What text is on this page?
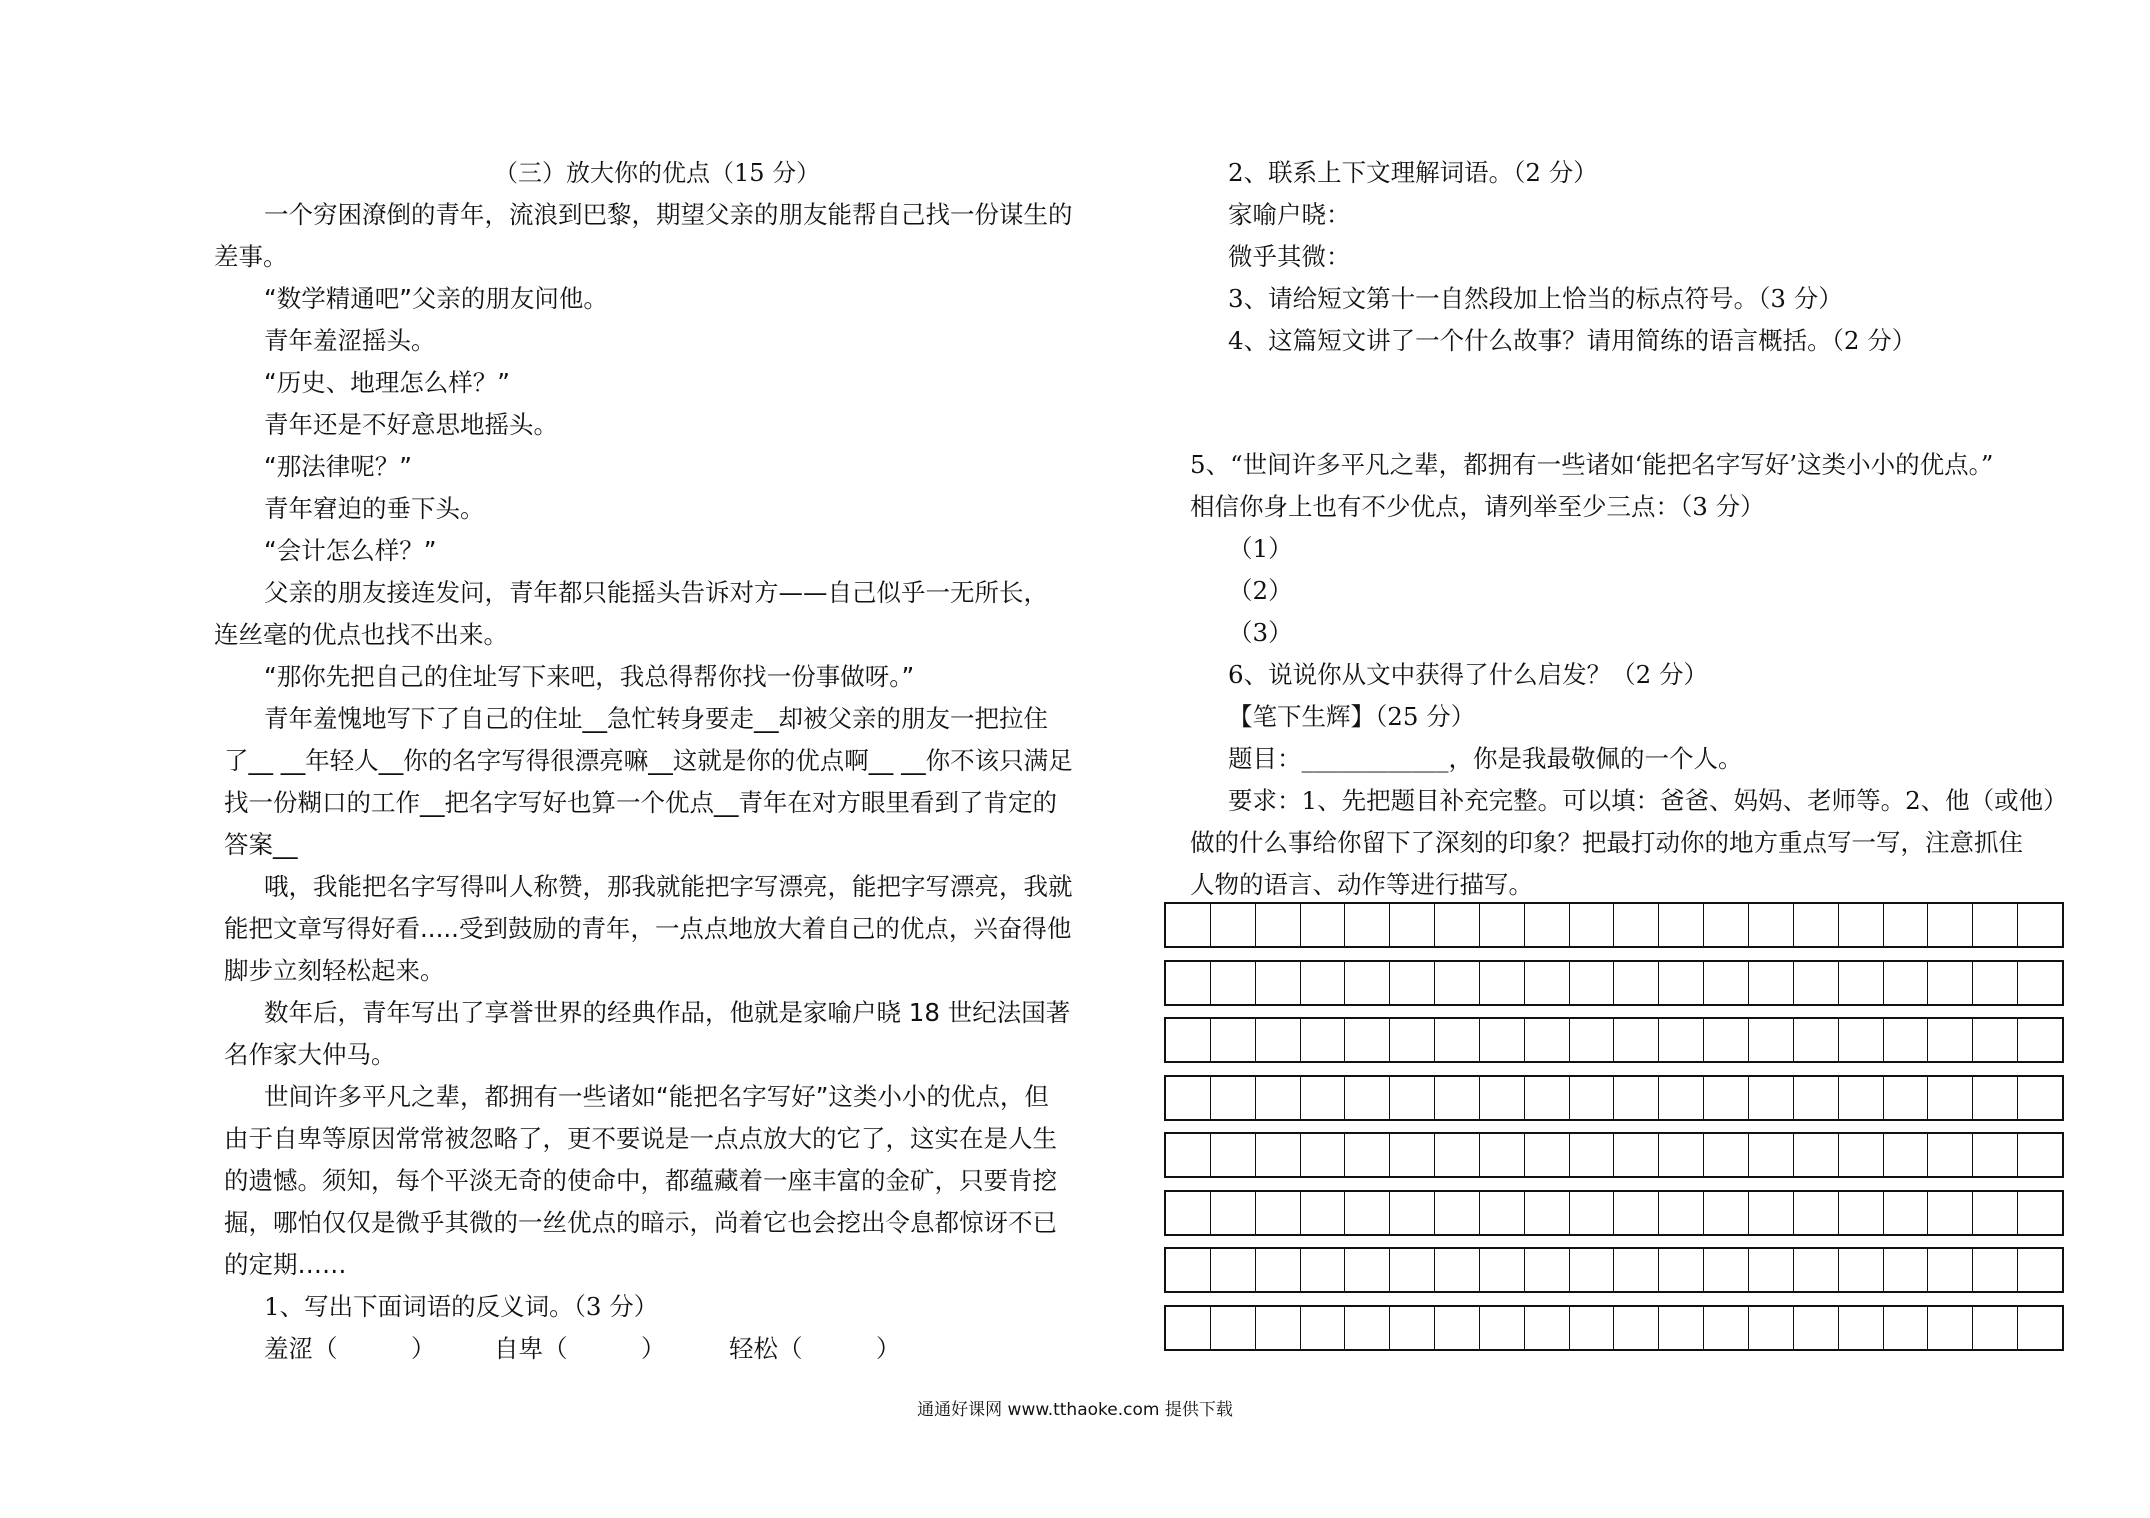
（三）放大你的优点（15 分）
一个穷困潦倒的青年，流浪到巴黎，期望父亲的朋友能帮自己找一份谋生的
差事。
“数学精通吧”父亲的朋友问他。
青年羞涩摇头。
“历史、地理怎么样？”
青年还是不好意思地摇头。
“那法律呢？”
青年窘迫的垂下头。
“会计怎么样？”
父亲的朋友接连发问，青年都只能摇头告诉对方——自己似乎一无所长，
连丝毫的优点也找不出来。
“那你先把自己的住址写下来吧，我总得帮你找一份事做呀。”
青年羞愧地写下了自己的住址__急忙转身要走__却被父亲的朋友一把拉住
了__ __年轻人__你的名字写得很漂亮嘛__这就是你的优点啊__ __你不该只满足
找一份糊口的工作__把名字写好也算一个优点__青年在对方眼里看到了肯定的
答案__
哦，我能把名字写得叫人称赞，那我就能把字写漂亮，能把字写漂亮，我就
能把文章写得好看.....受到鼓励的青年，一点点地放大着自己的优点，兴奋得他
脚步立刻轻松起来。
数年后，青年写出了享誉世界的经典作品，他就是家喻户晓 18 世纪法国著
名作家大仲马。
世间许多平凡之辈，都拥有一些诸如“能把名字写好”这类小小的优点，但
由于自卑等原因常常被忽略了，更不要说是一点点放大的它了，这实在是人生
的遗憾。须知，每个平淡无奇的使命中，都蕴藏着一座丰富的金矿，只要肯挖
掘，哪怕仅仅是微乎其微的一丝优点的暗示，尚着它也会挖出令息都惊讶不已
的定期……
1、写出下面词语的反义词。（3 分）
羞涩（　　　） 自卑（　　　）	轻松（　　　）
2、联系上下文理解词语。（2 分）
家喻户晓：
微乎其微：
3、请给短文第十一自然段加上恰当的标点符号。（3 分）
4、这篇短文讲了一个什么故事？请用简练的语言概括。（2 分）
5、“世间许多平凡之辈，都拥有一些诸如‘能把名字写好’这类小小的优点。”
相信你身上也有不少优点，请列举至少三点：（3 分）
（1）
（2）
（3）
6、说说你从文中获得了什么启发？（2 分）
【笔下生辉】（25 分）
题目：____________，你是我最敬佩的一个人。
要求：1、先把题目补充完整。可以填：爸爸、妈妈、老师等。2、他（或他）
做的什么事给你留下了深刻的印象？把最打动你的地方重点写一写，注意抓住
人物的语言、动作等进行描写。
通通好课网 www.tthaoke.com 提供下载
